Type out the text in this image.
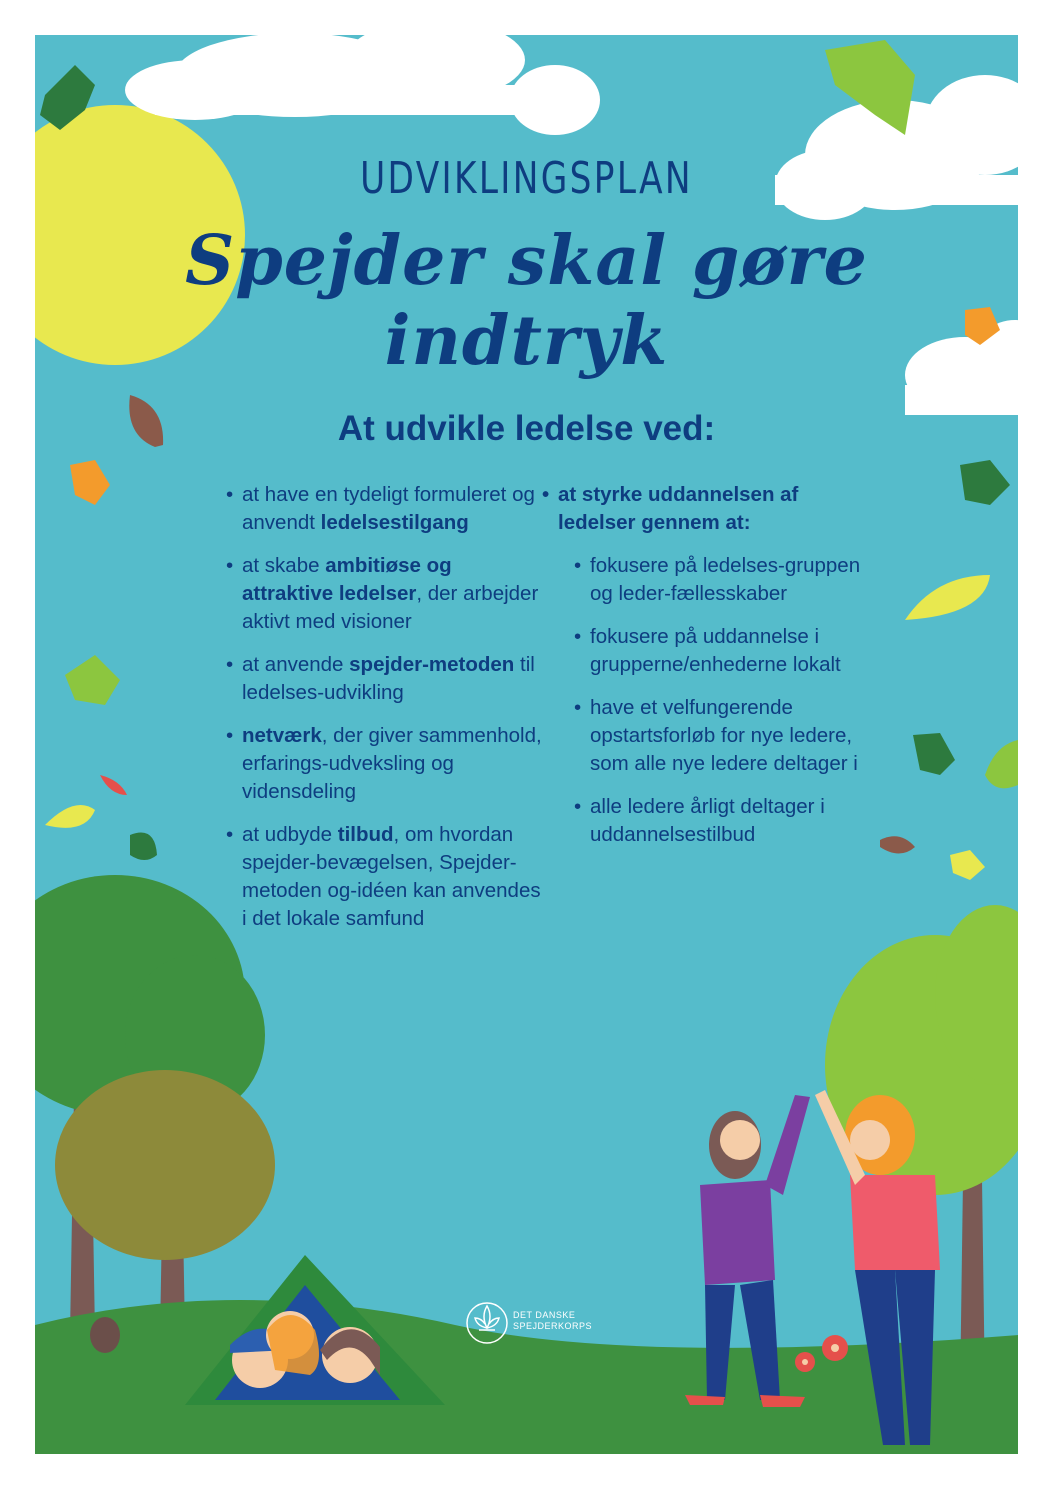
UDVIKLINGSPLAN
Spejder skal gøre indtryk
At udvikle ledelse ved:
• at have en tydeligt formuleret og anvendt ledelsestilgang
• at skabe ambitiøse og attraktive ledelser, der arbejder aktivt med visioner
• at anvende spejder-metoden til ledelses-udvikling
• netværk, der giver sammenhold, erfarings-udveksling og vidensdeling
• at udbyde tilbud, om hvordan spejder-bevægelsen, Spejder-metoden og-idéen kan anvendes i det lokale samfund
• at styrke uddannelsen af ledelser gennem at:
• fokusere på ledelses-gruppen og leder-fællesskaber
• fokusere på uddannelse i grupperne/enhederne lokalt
• have et velfungerende opstartsforløb for nye ledere, som alle nye ledere deltager i
• alle ledere årligt deltager i uddannelsestilbud
DET DANSKE
SPEJDERKORPS
